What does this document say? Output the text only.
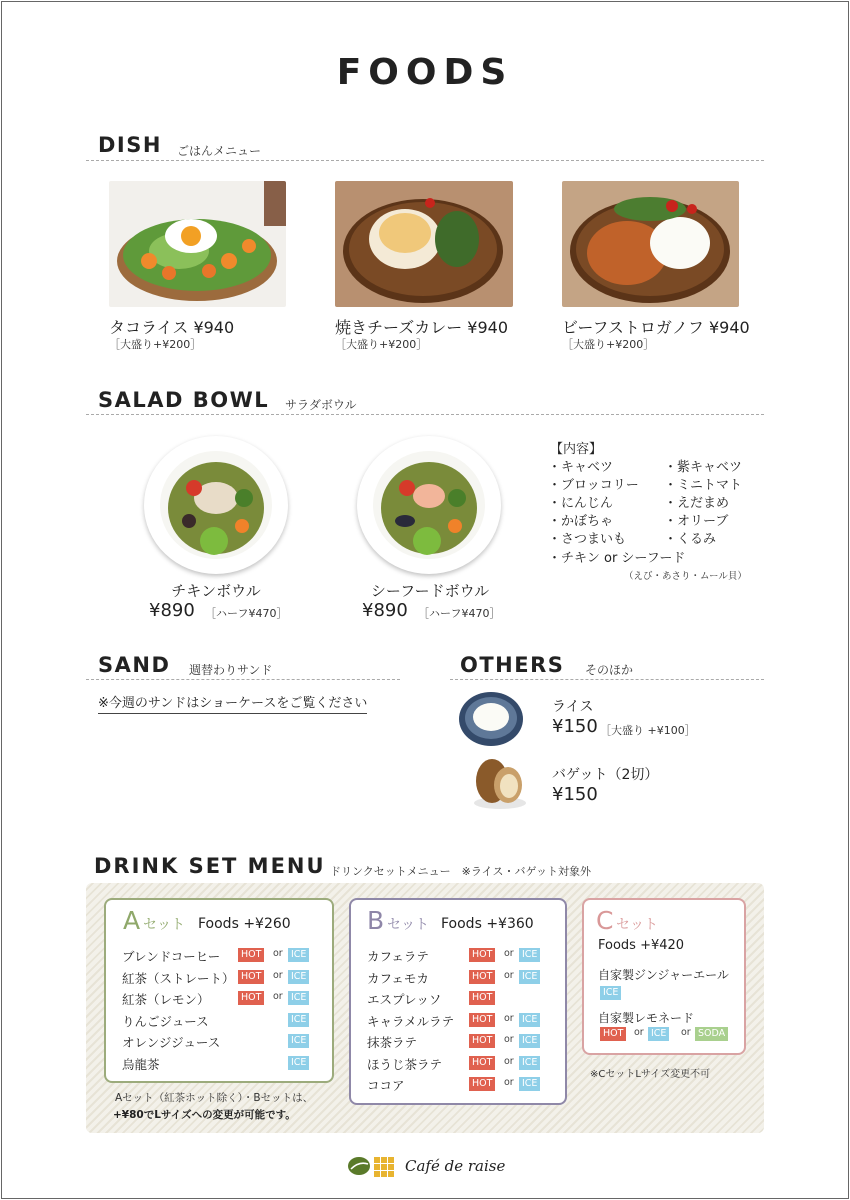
FOODS
DISH ごはんメニュー
タコライス ¥940
［大盛り+¥200］
焼きチーズカレー ¥940
［大盛り+¥200］
ビーフストロガノフ ¥940
［大盛り+¥200］
SALAD BOWL サラダボウル
チキンボウル
¥890 ［ハーフ¥470］
シーフードボウル
¥890 ［ハーフ¥470］
【内容】
・キャベツ
・ブロッコリー
・にんじん
・かぼちゃ
・さつまいも
・紫キャベツ
・ミニトマト
・えだまめ
・オリーブ
・くるみ
・チキン or シーフード
（えび・あさり・ムール貝）
SAND 週替わりサンド
※今週のサンドはショーケースをご覧ください
OTHERS そのほか
ライス
¥150 ［大盛り +¥100］
バゲット（2切）
¥150
DRINK SET MENU ドリンクセットメニュー　※ライス・バゲット対象外
A セット Foods +¥260
ブレンドコーヒー	HOT	or ICE
紅茶（ストレート） HOT	or ICE
紅茶（レモン）	HOT	or ICE
りんごジュース	ICE
オレンジジュース	ICE
烏龍茶	ICE
Aセット（紅茶ホット除く）・Bセットは、
+¥80でLサイズへの変更が可能です。
B セット Foods +¥360
カフェラテ	HOT	or ICE
カフェモカ	HOT	or ICE
エスプレッソ	HOT
キャラメルラテ	HOT	or ICE
抹茶ラテ	HOT	or ICE
ほうじ茶ラテ	HOT	or ICE
ココア	HOT	or ICE
C セット
Foods +¥420
自家製ジンジャーエール
ICE
自家製レモネード
HOT	or ICE	or SODA
※CセットLサイズ変更不可
Café de raise
